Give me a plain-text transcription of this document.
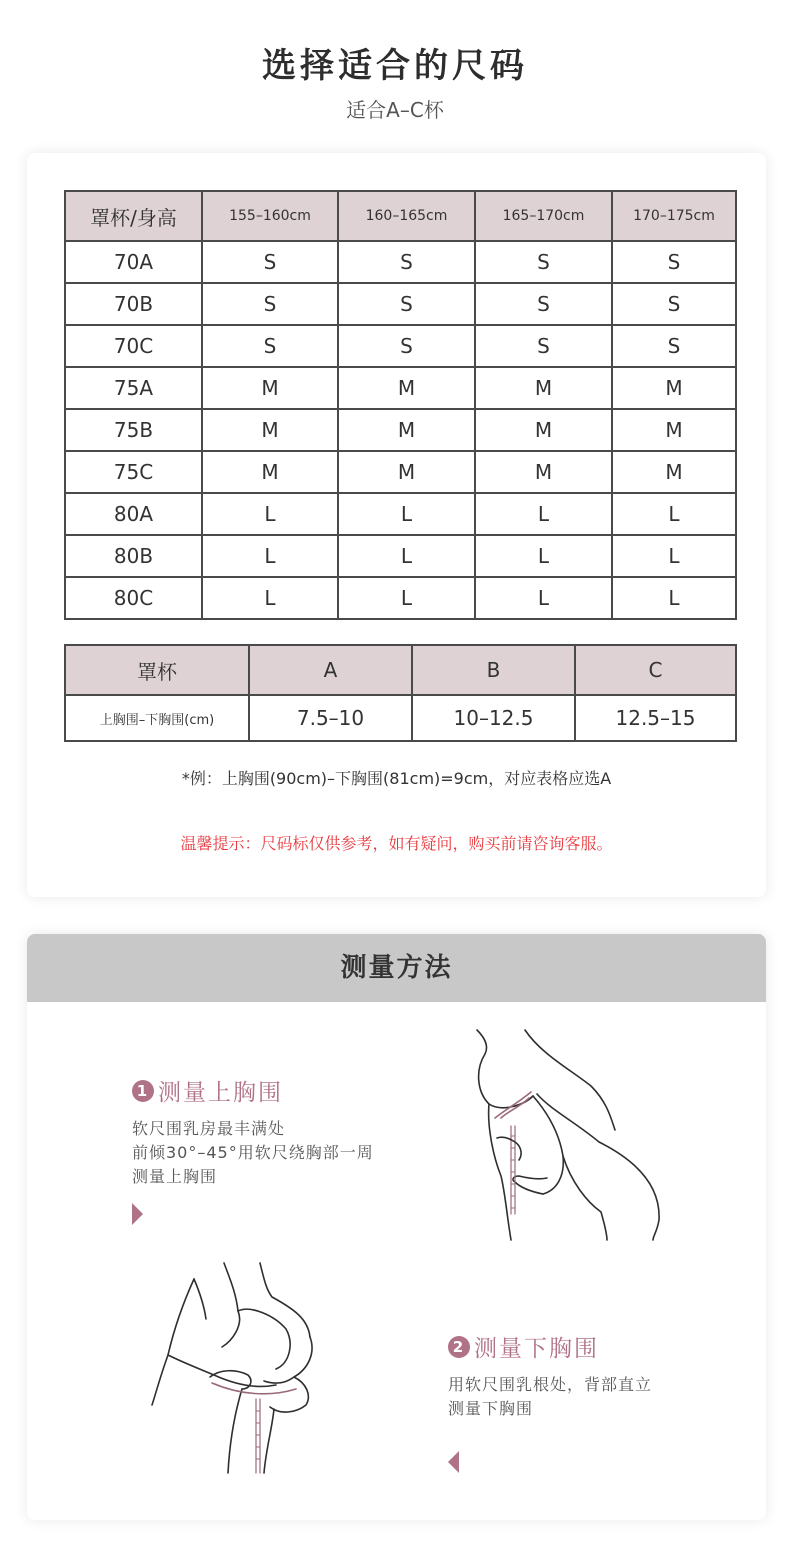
选择适合的尺码
适合A–C杯
罩杯/身高	155–160cm	160–165cm	165–170cm	170–175cm
70A	S	S	S	S
70B	S	S	S	S
70C	S	S	S	S
75A	M	M	M	M
75B	M	M	M	M
75C	M	M	M	M
80A	L	L	L	L
80B	L	L	L	L
80C	L	L	L	L
罩杯	A	B	C
上胸围–下胸围(cm)	7.5–10	10–12.5	12.5–15
*例：上胸围(90cm)–下胸围(81cm)=9cm，对应表格应选A
温馨提示：尺码标仅供参考，如有疑问，购买前请咨询客服。
测量方法
1 测量上胸围
软尺围乳房最丰满处
前倾30°–45°用软尺绕胸部一周
测量上胸围
2 测量下胸围
用软尺围乳根处，背部直立
测量下胸围
